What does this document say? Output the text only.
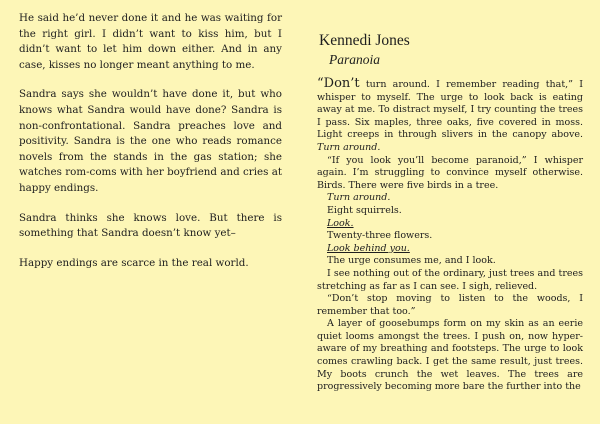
He said he’d never done it and he was waiting for the right girl. I didn’t want to kiss him, but I didn’t want to let him down either. And in any case, kisses no longer meant anything to me.

Sandra says she wouldn’t have done it, but who knows what Sandra would have done? Sandra is non-confrontational. Sandra preaches love and positivity. Sandra is the one who reads romance novels from the stands in the gas station; she watches rom-coms with her boyfriend and cries at happy endings.

Sandra thinks she knows love. But there is something that Sandra doesn’t know yet–

Happy endings are scarce in the real world.

Kennedi Jones
Paranoia

“Don’t turn around. I remember reading that,” I whisper to myself. The urge to look back is eating away at me. To distract myself, I try counting the trees I pass. Six maples, three oaks, five covered in moss. Light creeps in through slivers in the canopy above. Turn around.

“If you look you’ll become paranoid,” I whisper again. I’m struggling to convince myself otherwise. Birds. There were five birds in a tree.

Turn around.

Eight squirrels.

Look.

Twenty-three flowers.

Look behind you.

The urge consumes me, and I look.

I see nothing out of the ordinary, just trees and trees stretching as far as I can see. I sigh, relieved.

“Don’t stop moving to listen to the woods, I remember that too.”

A layer of goosebumps form on my skin as an eerie quiet looms amongst the trees. I push on, now hyper-aware of my breathing and footsteps. The urge to look comes crawling back. I get the same result, just trees. My boots crunch the wet leaves. The trees are progressively becoming more bare the further into the
